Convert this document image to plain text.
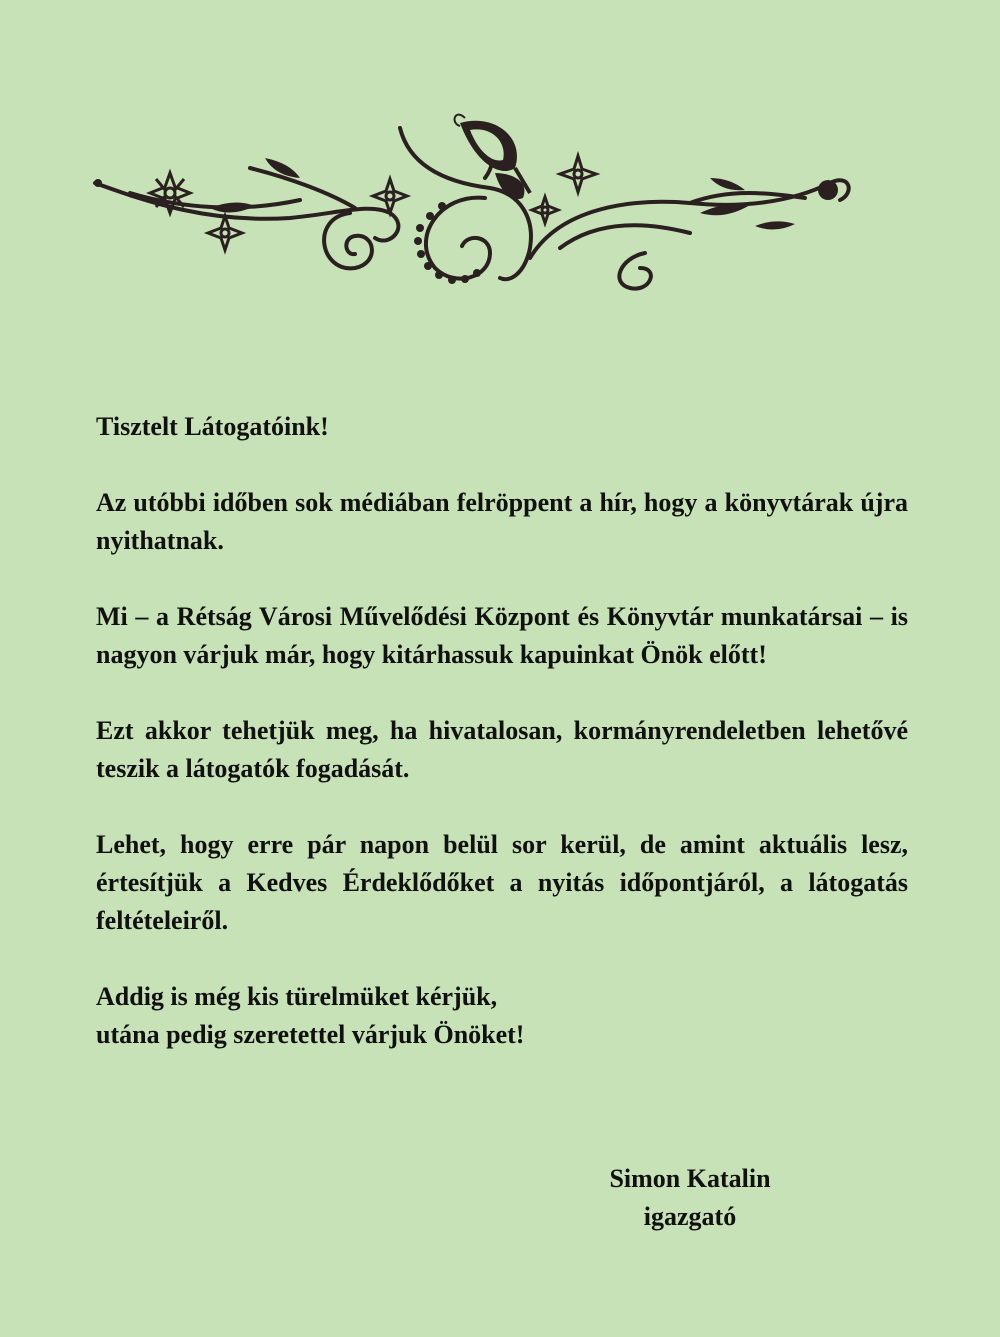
Tisztelt Látogatóink!

Az utóbbi időben sok médiában felröppent a hír, hogy a könyvtárak újra nyithatnak.

Mi – a Rétság Városi Művelődési Központ és Könyvtár munkatársai – is nagyon várjuk már, hogy kitárhassuk kapuinkat Önök előtt!

Ezt akkor tehetjük meg, ha hivatalosan, kormányrendeletben lehetővé teszik a látogatók fogadását.

Lehet, hogy erre pár napon belül sor kerül, de amint aktuális lesz, értesítjük a Kedves Érdeklődőket a nyitás időpontjáról, a látogatás feltételeiről.

Addig is még kis türelmüket kérjük,
utána pedig szeretettel várjuk Önöket!

Simon Katalin
igazgató
